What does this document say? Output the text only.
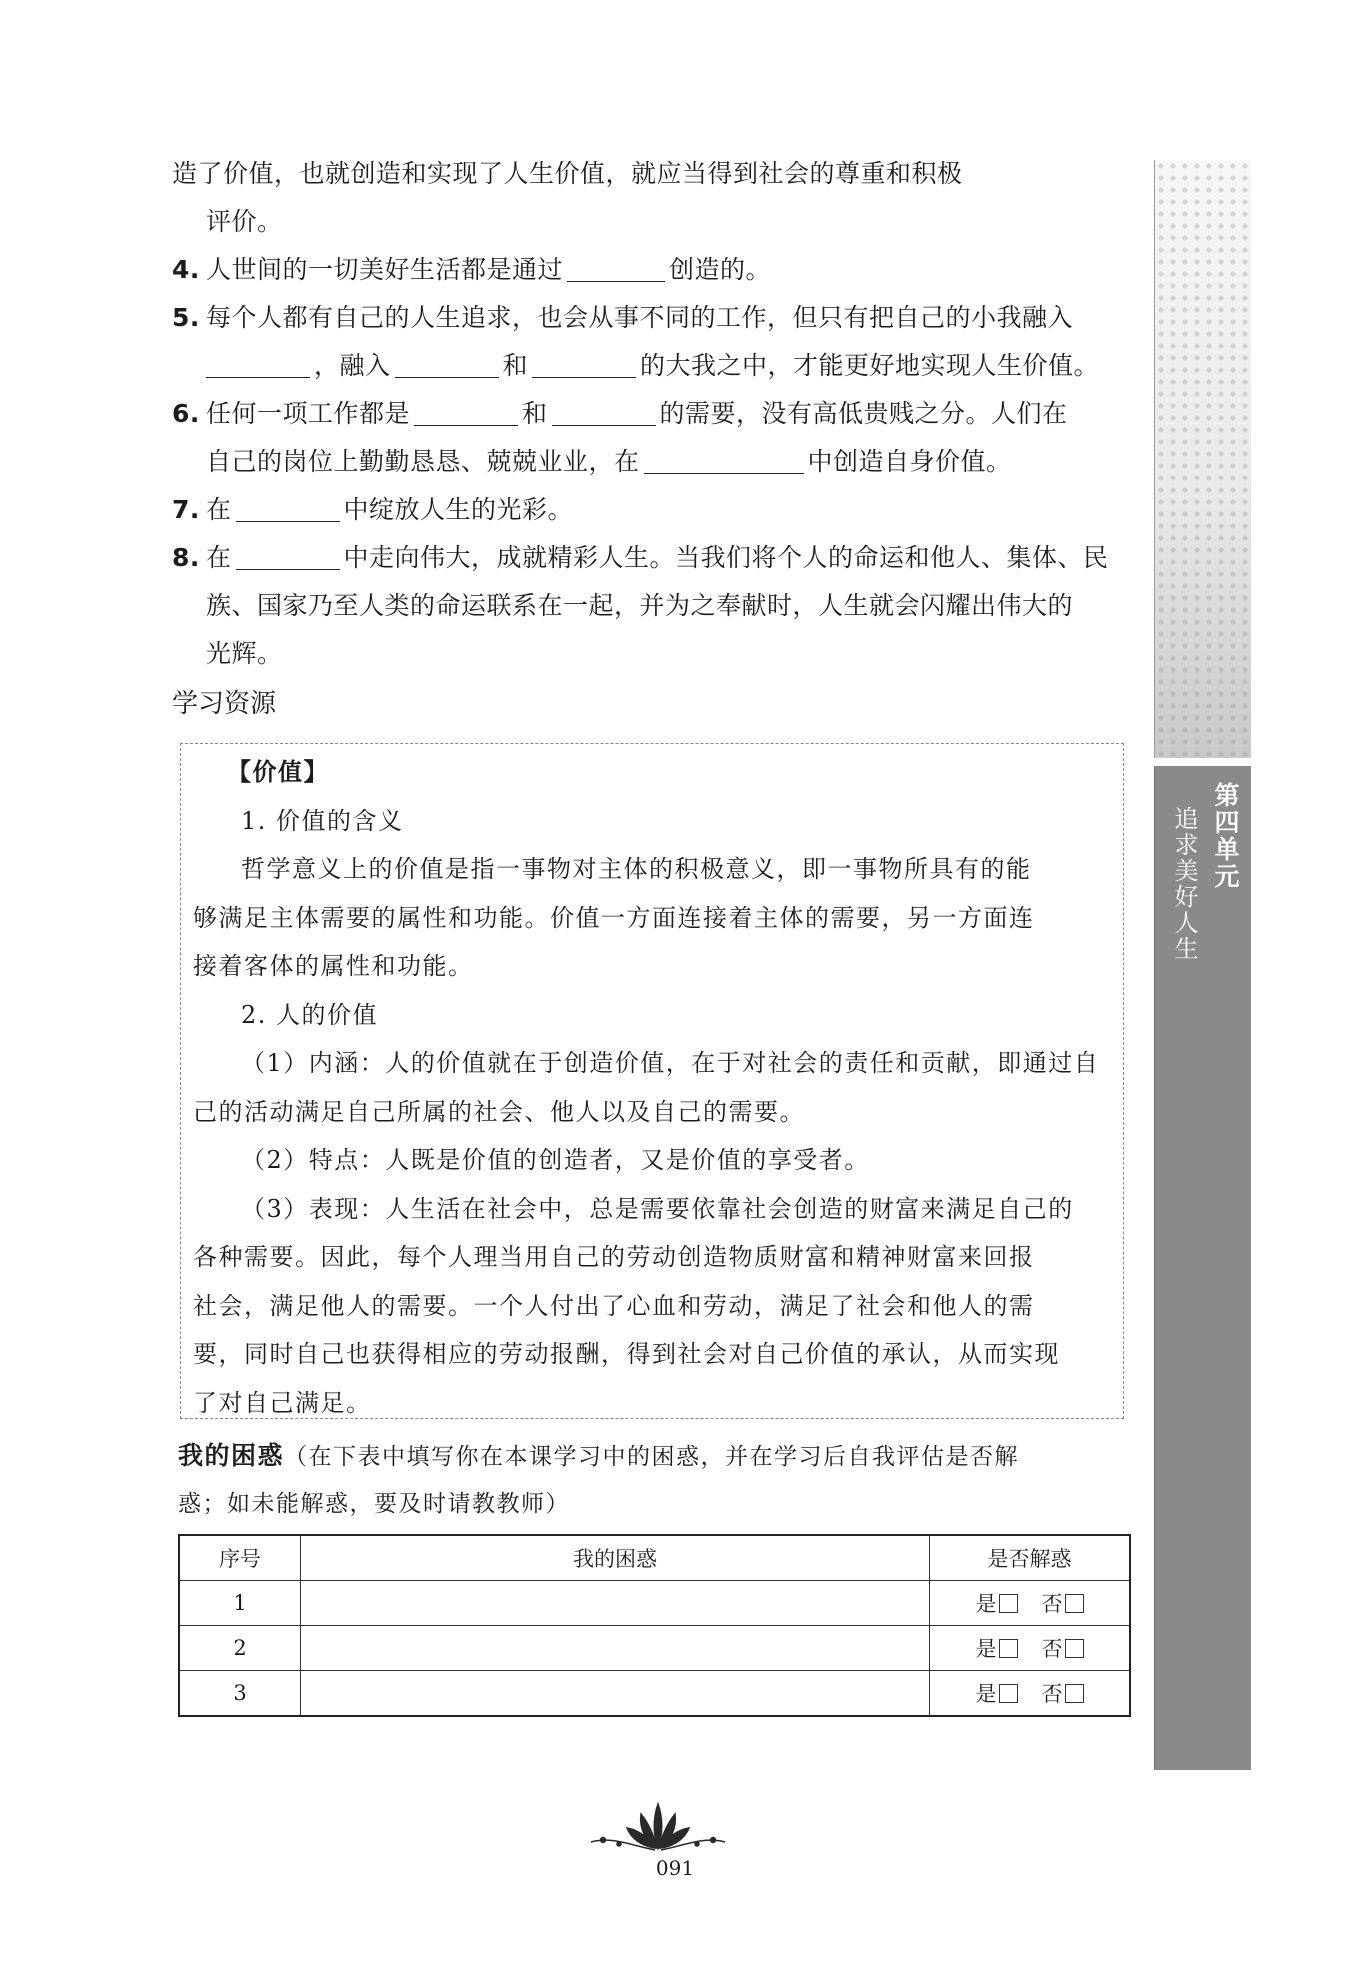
造了价值，也就创造和实现了人生价值，就应当得到社会的尊重和积极
评价。
4. 人世间的一切美好生活都是通过	创造的。
5. 每个人都有自己的人生追求，也会从事不同的工作，但只有把自己的小我融入
，融入	和	的大我之中，才能更好地实现人生价值。
6. 任何一项工作都是	和	的需要，没有高低贵贱之分。人们在
自己的岗位上勤勤恳恳、兢兢业业，在	中创造自身价值。
7. 在	中绽放人生的光彩。
8. 在	中走向伟大，成就精彩人生。当我们将个人的命运和他人、集体、民
族、国家乃至人类的命运联系在一起，并为之奉献时，人生就会闪耀出伟大的
光辉。
学习资源
【价值】
1. 价值的含义
哲学意义上的价值是指一事物对主体的积极意义，即一事物所具有的能
够满足主体需要的属性和功能。价值一方面连接着主体的需要，另一方面连
接着客体的属性和功能。
2. 人的价值
（1）内涵：人的价值就在于创造价值，在于对社会的责任和贡献，即通过自
己的活动满足自己所属的社会、他人以及自己的需要。
（2）特点：人既是价值的创造者，又是价值的享受者。
（3）表现：人生活在社会中，总是需要依靠社会创造的财富来满足自己的
各种需要。因此，每个人理当用自己的劳动创造物质财富和精神财富来回报
社会，满足他人的需要。一个人付出了心血和劳动，满足了社会和他人的需
要，同时自己也获得相应的劳动报酬，得到社会对自己价值的承认，从而实现
了对自己满足。
我的困惑（在下表中填写你在本课学习中的困惑，并在学习后自我评估是否解
惑；如未能解惑，要及时请教教师）
序号	我的困惑	是否解惑
1		是 否
2		是 否
3		是 否
第四单元
追求美好人生
091
